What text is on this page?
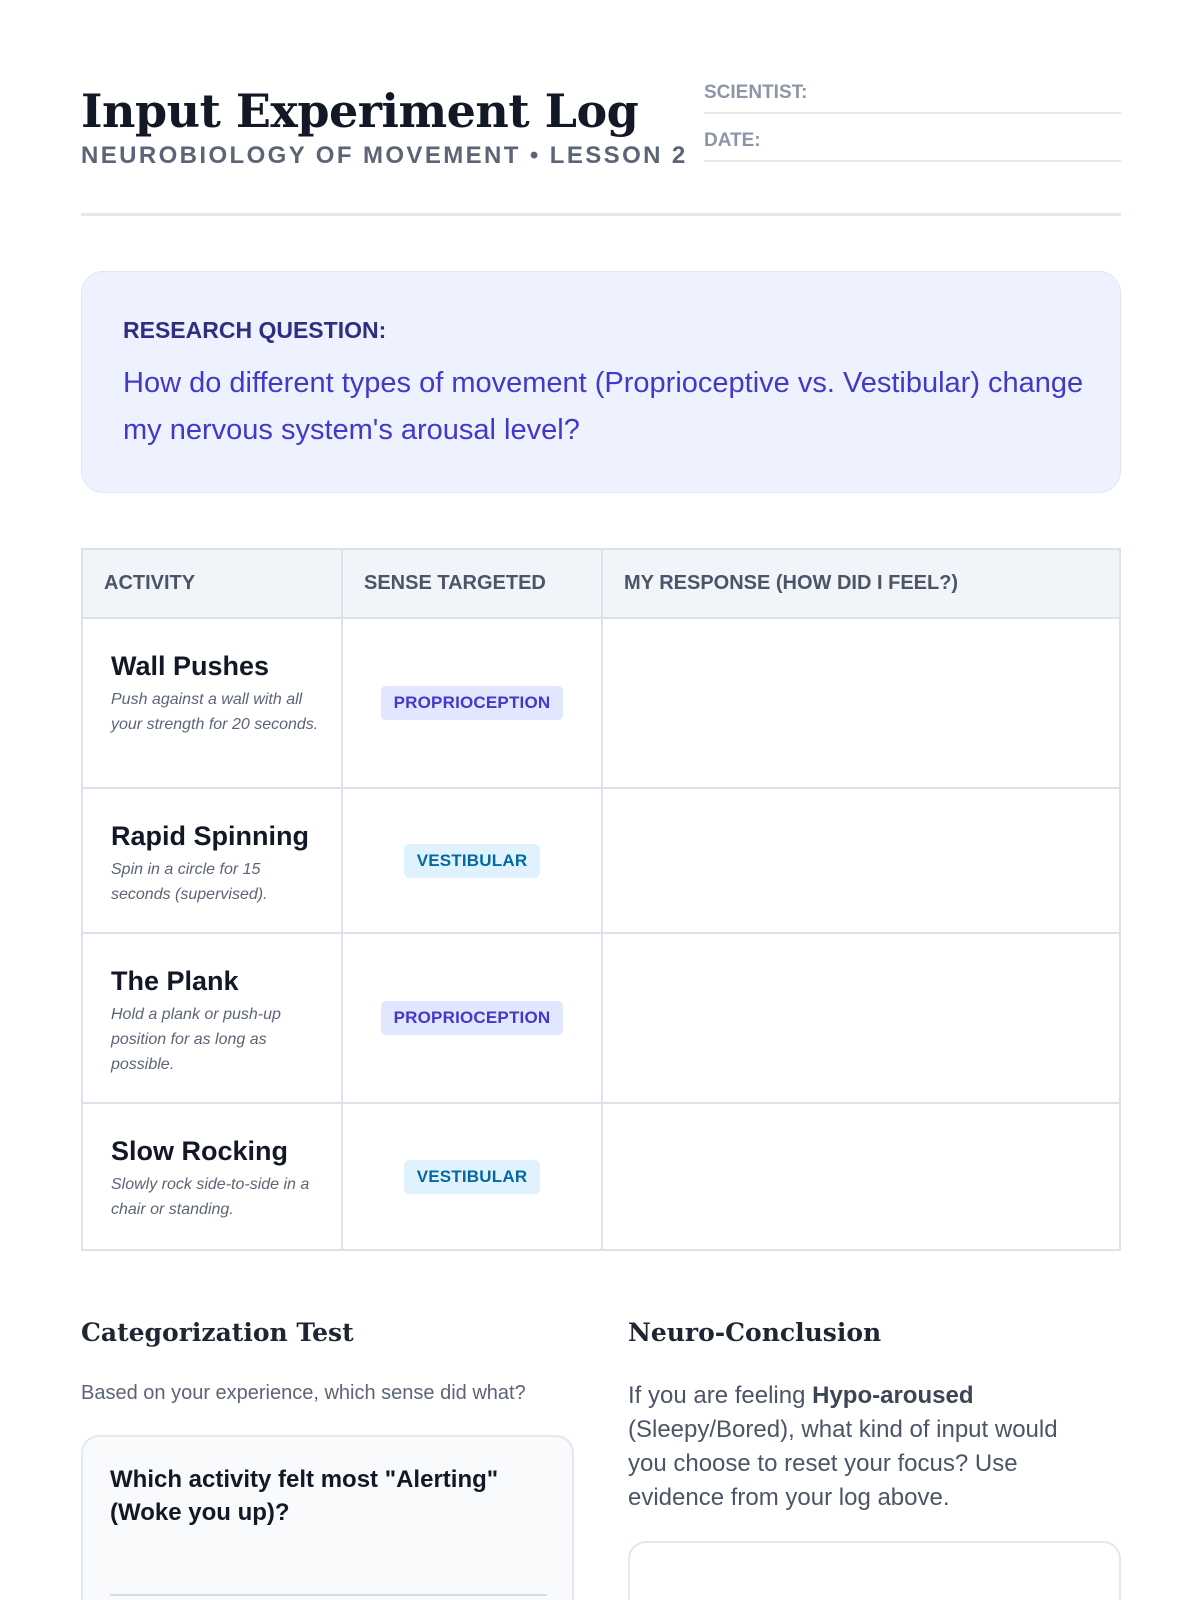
Input Experiment Log
NEUROBIOLOGY OF MOVEMENT • LESSON 2
SCIENTIST:
DATE:
RESEARCH QUESTION:
How do different types of movement (Proprioceptive vs. Vestibular) change my nervous system's arousal level?
ACTIVITY	SENSE TARGETED	MY RESPONSE (HOW DID I FEEL?)
Wall Pushes
Push against a wall with all your strength for 20 seconds.
PROPRIOCEPTION
Rapid Spinning
Spin in a circle for 15 seconds (supervised).
VESTIBULAR
The Plank
Hold a plank or push-up position for as long as possible.
PROPRIOCEPTION
Slow Rocking
Slowly rock side-to-side in a chair or standing.
VESTIBULAR
Categorization Test
Based on your experience, which sense did what?
Which activity felt most "Alerting" (Woke you up)?
Neuro-Conclusion
If you are feeling Hypo-aroused (Sleepy/Bored), what kind of input would you choose to reset your focus? Use evidence from your log above.
